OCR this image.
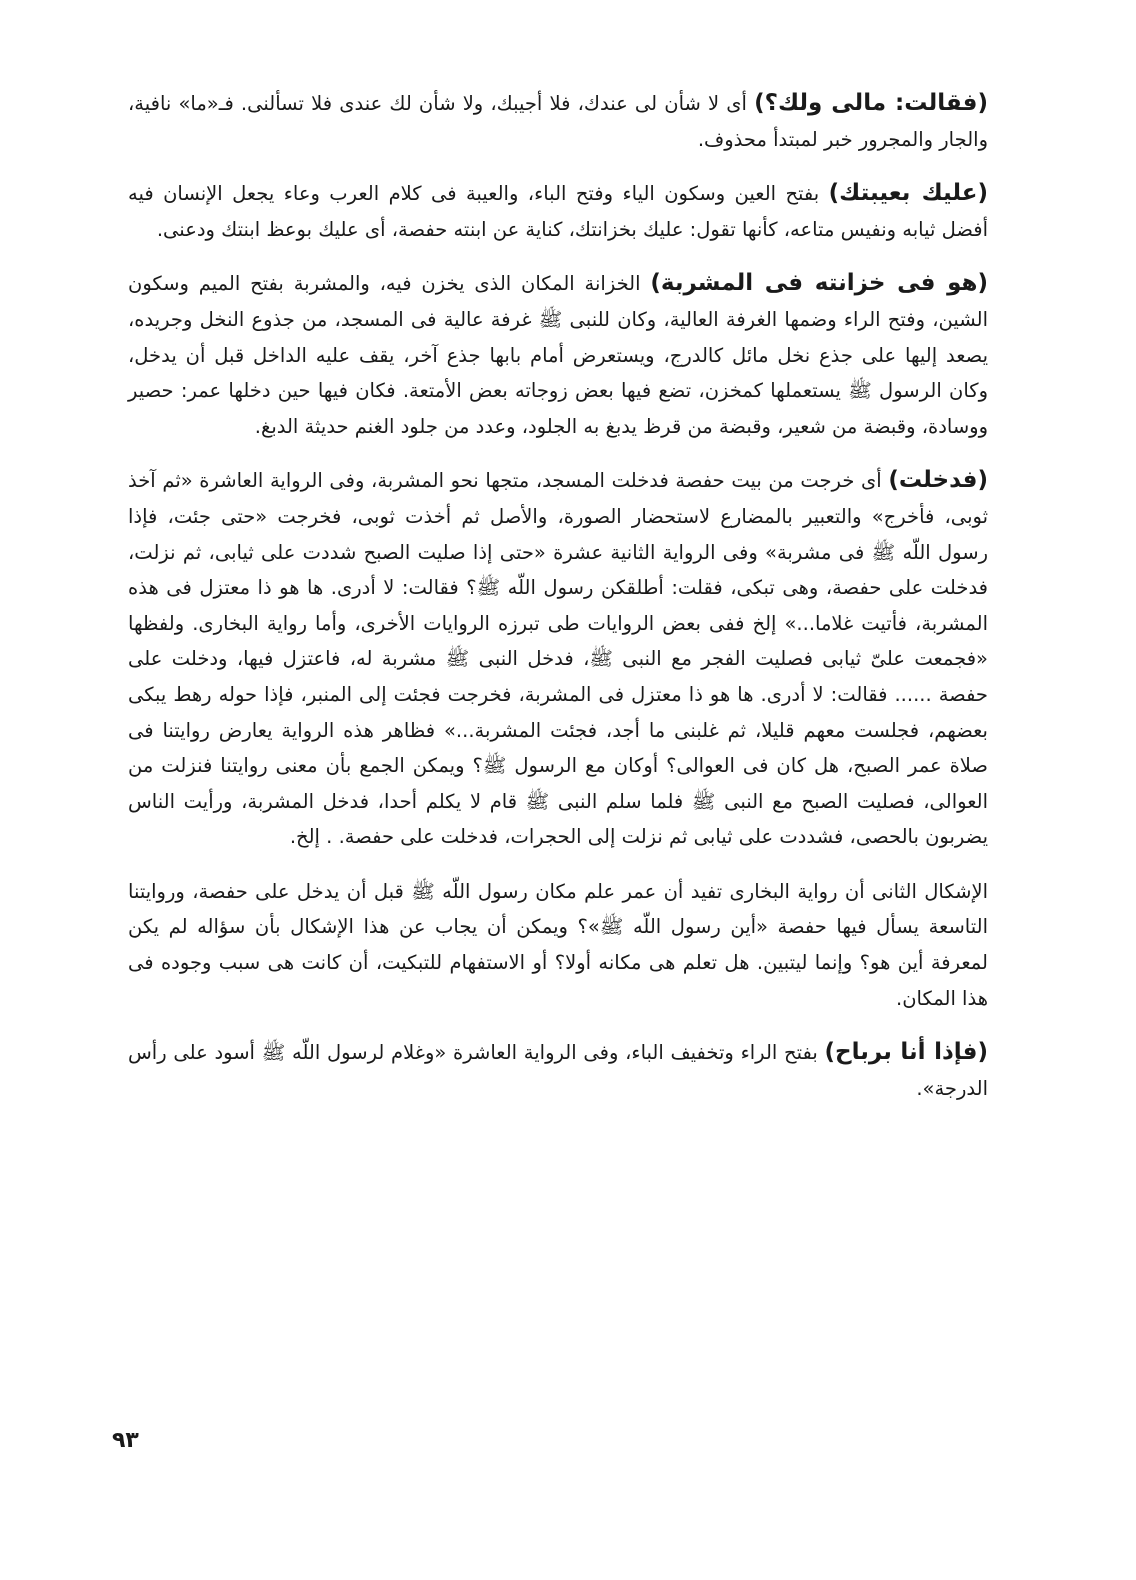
(فقالت: مالى ولك؟) أى لا شأن لى عندك، فلا أجيبك، ولا شأن لك عندى فلا تسألنى. فـ«ما» نافية، والجار والمجرور خبر لمبتدأ محذوف.

(عليك بعيبتك) بفتح العين وسكون الياء وفتح الباء، والعيبة فى كلام العرب وعاء يجعل الإنسان فيه أفضل ثيابه ونفيس متاعه، كأنها تقول: عليك بخزانتك، كناية عن ابنته حفصة، أى عليك بوعظ ابنتك ودعنى.

(هو فى خزانته فى المشربة) الخزانة المكان الذى يخزن فيه، والمشربة بفتح الميم وسكون الشين، وفتح الراء وضمها الغرفة العالية، وكان للنبى ﷺ غرفة عالية فى المسجد، من جذوع النخل وجريده، يصعد إليها على جذع نخل مائل كالدرج، ويستعرض أمام بابها جذع آخر، يقف عليه الداخل قبل أن يدخل، وكان الرسول ﷺ يستعملها كمخزن، تضع فيها بعض زوجاته بعض الأمتعة. فكان فيها حين دخلها عمر: حصير ووسادة، وقبضة من شعير، وقبضة من قرظ يدبغ به الجلود، وعدد من جلود الغنم حديثة الدبغ.

(فدخلت) أى خرجت من بيت حفصة فدخلت المسجد، متجها نحو المشربة، وفى الرواية العاشرة «ثم آخذ ثوبى، فأخرج» والتعبير بالمضارع لاستحضار الصورة، والأصل ثم أخذت ثوبى، فخرجت «حتى جئت، فإذا رسول اللّه ﷺ فى مشربة» وفى الرواية الثانية عشرة «حتى إذا صليت الصبح شددت على ثيابى، ثم نزلت، فدخلت على حفصة، وهى تبكى، فقلت: أطلقكن رسول اللّه ﷺ؟ فقالت: لا أدرى. ها هو ذا معتزل فى هذه المشربة، فأتيت غلاما...» إلخ ففى بعض الروايات طى تبرزه الروايات الأخرى، وأما رواية البخارى. ولفظها «فجمعت علىّ ثيابى فصليت الفجر مع النبى ﷺ، فدخل النبى ﷺ مشربة له، فاعتزل فيها، ودخلت على حفصة ...... فقالت: لا أدرى. ها هو ذا معتزل فى المشربة، فخرجت فجئت إلى المنبر، فإذا حوله رهط يبكى بعضهم، فجلست معهم قليلا، ثم غلبنى ما أجد، فجئت المشربة...» فظاهر هذه الرواية يعارض روايتنا فى صلاة عمر الصبح، هل كان فى العوالى؟ أوكان مع الرسول ﷺ؟ ويمكن الجمع بأن معنى روايتنا فنزلت من العوالى، فصليت الصبح مع النبى ﷺ فلما سلم النبى ﷺ قام لا يكلم أحدا، فدخل المشربة، ورأيت الناس يضربون بالحصى، فشددت على ثيابى ثم نزلت إلى الحجرات، فدخلت على حفصة. . إلخ.

الإشكال الثانى أن رواية البخارى تفيد أن عمر علم مكان رسول اللّه ﷺ قبل أن يدخل على حفصة، وروايتنا التاسعة يسأل فيها حفصة «أين رسول اللّه ﷺ»؟ ويمكن أن يجاب عن هذا الإشكال بأن سؤاله لم يكن لمعرفة أين هو؟ وإنما ليتبين. هل تعلم هى مكانه أولا؟ أو الاستفهام للتبكيت، أن كانت هى سبب وجوده فى هذا المكان.

(فإذا أنا برباح) بفتح الراء وتخفيف الباء، وفى الرواية العاشرة «وغلام لرسول اللّه ﷺ أسود على رأس الدرجة».

٩٣
